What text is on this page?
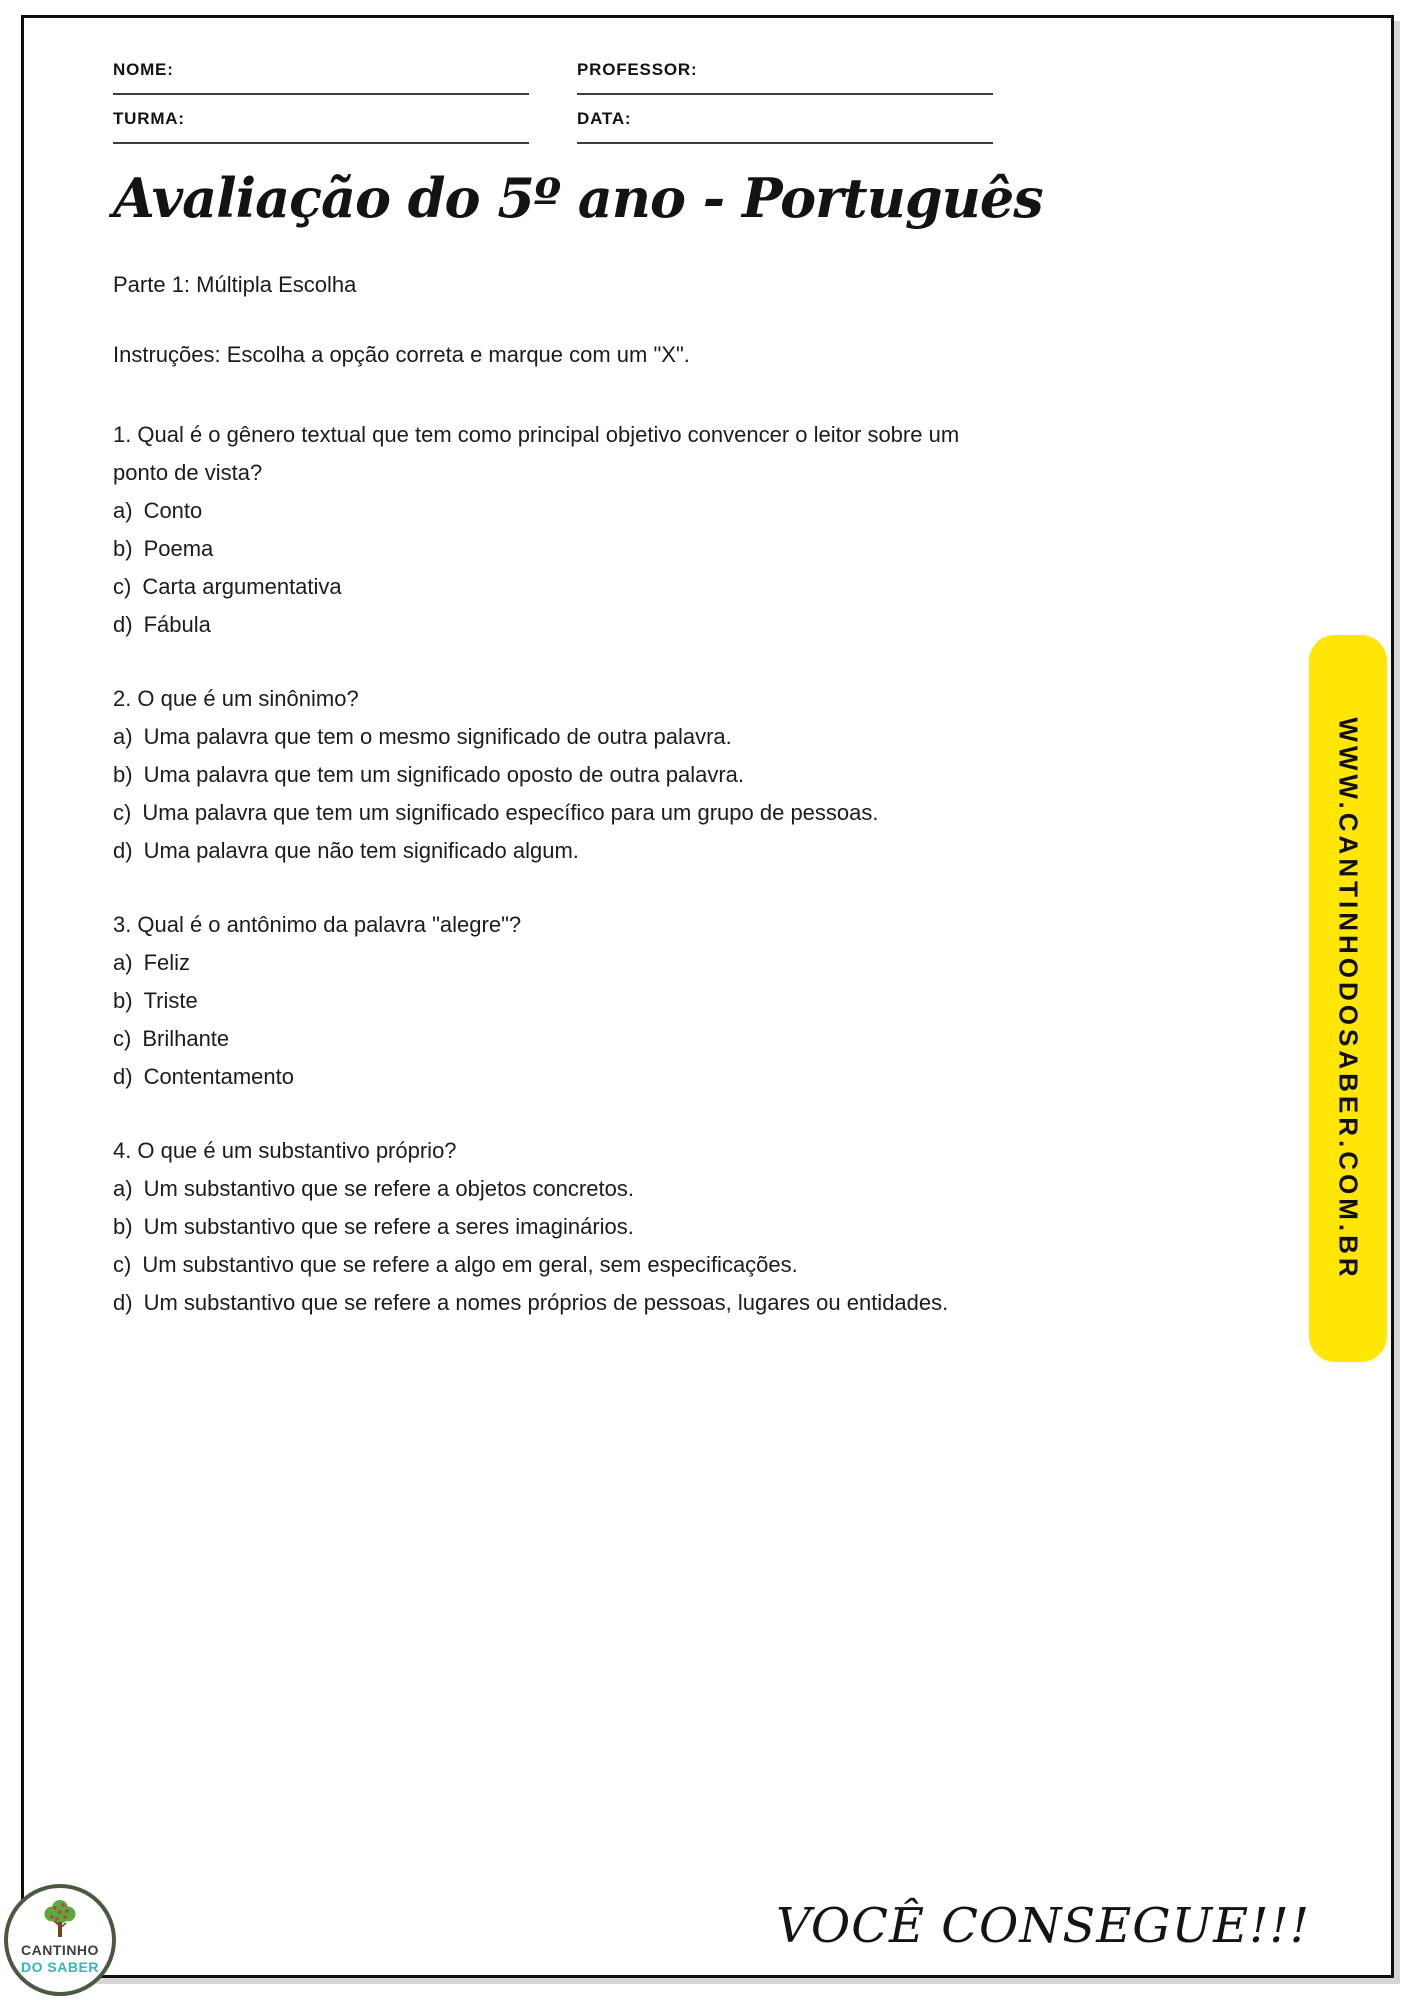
NOME:	PROFESSOR:
TURMA:	DATA:
Avaliação do 5º ano - Português
Parte 1: Múltipla Escolha
Instruções: Escolha a opção correta e marque com um "X".

1. Qual é o gênero textual que tem como principal objetivo convencer o leitor sobre um ponto de vista?

a) Conto

b) Poema

c) Carta argumentativa

d) Fábula

2. O que é um sinônimo?

a) Uma palavra que tem o mesmo significado de outra palavra.

b) Uma palavra que tem um significado oposto de outra palavra.

c) Uma palavra que tem um significado específico para um grupo de pessoas.

d) Uma palavra que não tem significado algum.

3. Qual é o antônimo da palavra "alegre"?

a) Feliz

b) Triste

c) Brilhante

d) Contentamento

4. O que é um substantivo próprio?

a) Um substantivo que se refere a objetos concretos.

b) Um substantivo que se refere a seres imaginários.

c) Um substantivo que se refere a algo em geral, sem especificações.

d) Um substantivo que se refere a nomes próprios de pessoas, lugares ou entidades.

WWW.CANTINHODOSABER.COM.BR
CANTINHO
DO SABER
VOCÊ CONSEGUE!!!
